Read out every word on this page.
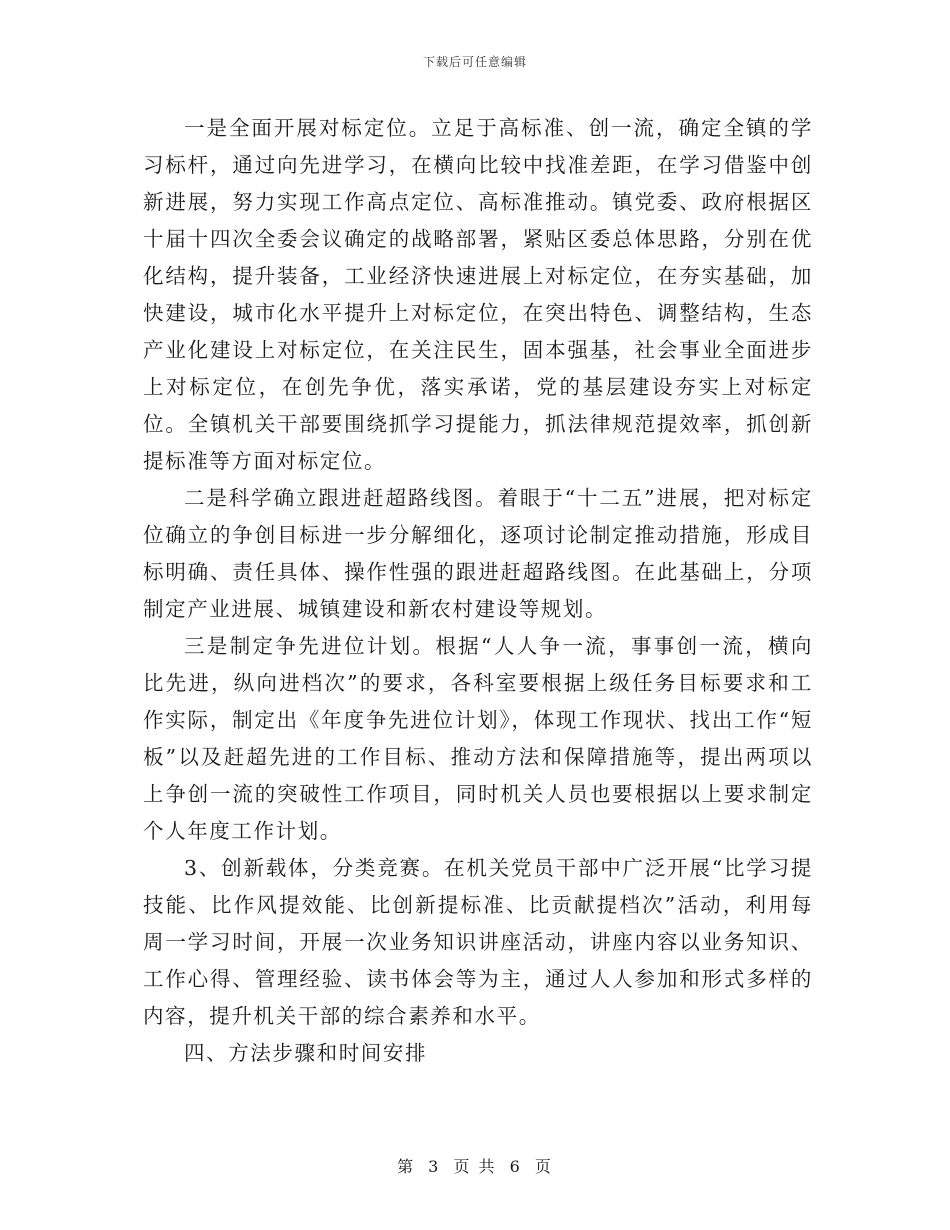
下载后可任意编辑

一是全面开展对标定位。立足于高标准、创一流，确定全镇的学习标杆，通过向先进学习，在横向比较中找准差距，在学习借鉴中创新进展，努力实现工作高点定位、高标准推动。镇党委、政府根据区十届十四次全委会议确定的战略部署，紧贴区委总体思路，分别在优化结构，提升装备，工业经济快速进展上对标定位，在夯实基础，加快建设，城市化水平提升上对标定位，在突出特色、调整结构，生态产业化建设上对标定位，在关注民生，固本强基，社会事业全面进步上对标定位，在创先争优，落实承诺，党的基层建设夯实上对标定位。全镇机关干部要围绕抓学习提能力，抓法律规范提效率，抓创新提标准等方面对标定位。

二是科学确立跟进赶超路线图。着眼于“十二五”进展，把对标定位确立的争创目标进一步分解细化，逐项讨论制定推动措施，形成目标明确、责任具体、操作性强的跟进赶超路线图。在此基础上，分项制定产业进展、城镇建设和新农村建设等规划。

三是制定争先进位计划。根据“人人争一流，事事创一流，横向比先进，纵向进档次”的要求，各科室要根据上级任务目标要求和工作实际，制定出《年度争先进位计划》，体现工作现状、找出工作“短板”以及赶超先进的工作目标、推动方法和保障措施等，提出两项以上争创一流的突破性工作项目，同时机关人员也要根据以上要求制定个人年度工作计划。

3、创新载体，分类竞赛。在机关党员干部中广泛开展“比学习提技能、比作风提效能、比创新提标准、比贡献提档次”活动，利用每周一学习时间，开展一次业务知识讲座活动，讲座内容以业务知识、工作心得、管理经验、读书体会等为主，通过人人参加和形式多样的内容，提升机关干部的综合素养和水平。

四、方法步骤和时间安排

第 3 页 共 6 页
